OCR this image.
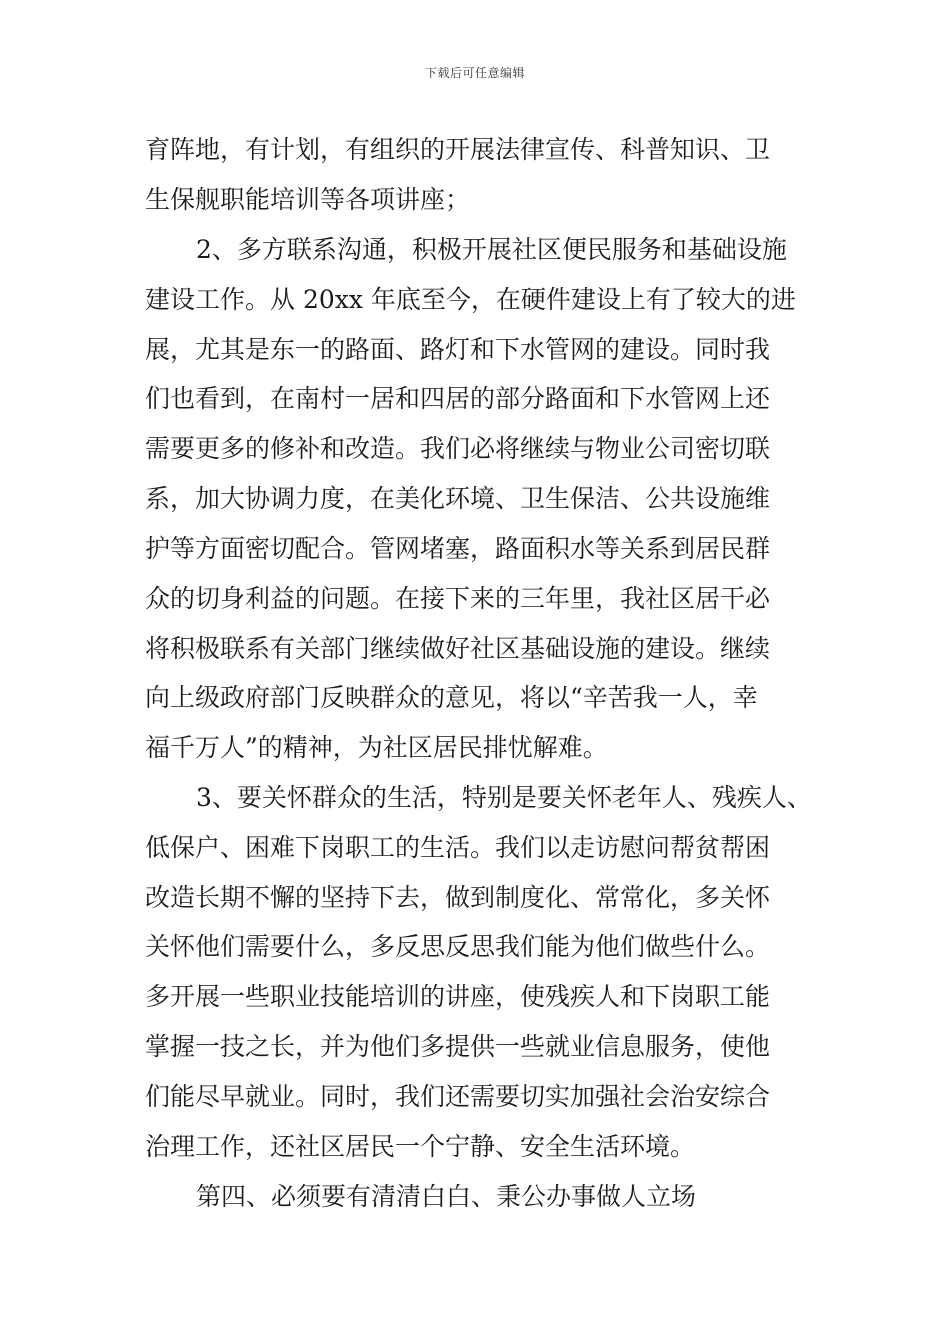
下载后可任意编辑
育阵地，有计划，有组织的开展法律宣传、科普知识、卫
生保舰职能培训等各项讲座；
2、多方联系沟通，积极开展社区便民服务和基础设施
建设工作。从 20xx 年底至今，在硬件建设上有了较大的进
展，尤其是东一的路面、路灯和下水管网的建设。同时我
们也看到，在南村一居和四居的部分路面和下水管网上还
需要更多的修补和改造。我们必将继续与物业公司密切联
系，加大协调力度，在美化环境、卫生保洁、公共设施维
护等方面密切配合。管网堵塞，路面积水等关系到居民群
众的切身利益的问题。在接下来的三年里，我社区居干必
将积极联系有关部门继续做好社区基础设施的建设。继续
向上级政府部门反映群众的意见，将以“辛苦我一人，幸
福千万人”的精神，为社区居民排忧解难。
3、要关怀群众的生活，特别是要关怀老年人、残疾人、
低保户、困难下岗职工的生活。我们以走访慰问帮贫帮困
改造长期不懈的坚持下去，做到制度化、常常化，多关怀
关怀他们需要什么，多反思反思我们能为他们做些什么。
多开展一些职业技能培训的讲座，使残疾人和下岗职工能
掌握一技之长，并为他们多提供一些就业信息服务，使他
们能尽早就业。同时，我们还需要切实加强社会治安综合
治理工作，还社区居民一个宁静、安全生活环境。
第四、必须要有清清白白、秉公办事做人立场
